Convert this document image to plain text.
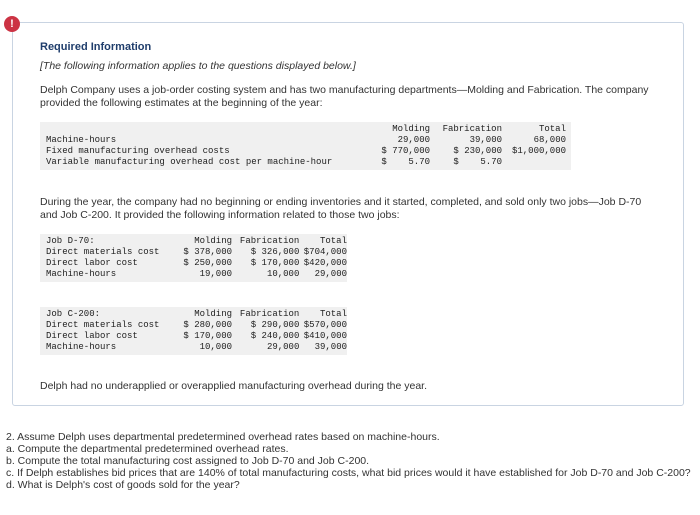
!
Required Information
[The following information applies to the questions displayed below.]
Delph Company uses a job-order costing system and has two manufacturing departments—Molding and Fabrication. The company provided the following estimates at the beginning of the year:
	Molding	Fabrication	Total
Machine-hours	29,000	39,000	68,000
Fixed manufacturing overhead costs	$ 770,000	$ 230,000	$1,000,000
Variable manufacturing overhead cost per machine-hour	$    5.70	$    5.70	
During the year, the company had no beginning or ending inventories and it started, completed, and sold only two jobs—Job D-70 and Job C-200. It provided the following information related to those two jobs:
Job D-70:	Molding	Fabrication	Total
Direct materials cost	$ 378,000	$ 326,000	$704,000
Direct labor cost	$ 250,000	$ 170,000	$420,000
Machine-hours	19,000	10,000	29,000
Job C-200:	Molding	Fabrication	Total
Direct materials cost	$ 280,000	$ 290,000	$570,000
Direct labor cost	$ 170,000	$ 240,000	$410,000
Machine-hours	10,000	29,000	39,000
Delph had no underapplied or overapplied manufacturing overhead during the year.
2. Assume Delph uses departmental predetermined overhead rates based on machine-hours.
a. Compute the departmental predetermined overhead rates.
b. Compute the total manufacturing cost assigned to Job D-70 and Job C-200.
c. If Delph establishes bid prices that are 140% of total manufacturing costs, what bid prices would it have established for Job D-70 and Job C-200?
d. What is Delph's cost of goods sold for the year?
